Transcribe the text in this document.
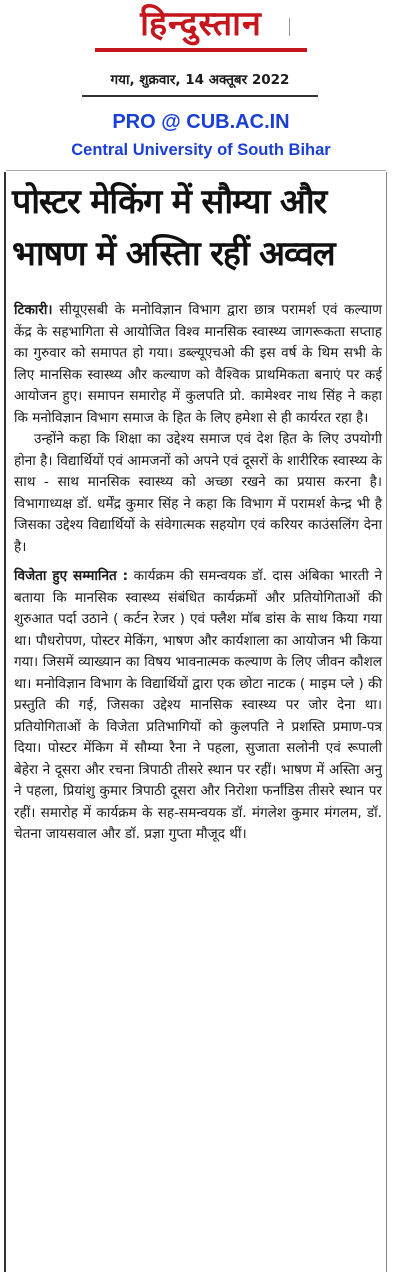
हिन्दुस्तान
गया, शुक्रवार, 14 अक्तूबर 2022
PRO @ CUB.AC.IN
Central University of South Bihar
पोस्टर मेकिंग में सौम्या और
भाषण में अस्तिा रहीं अव्वल

टिकारी। सीयूएसबी के मनोविज्ञान विभाग द्वारा छात्र परामर्श एवं कल्याण केंद्र के सहभागिता से आयोजित विश्व मानसिक स्वास्थ्य जागरूकता सप्ताह का गुरुवार को समापत हो गया। डब्ल्यूएचओ की इस वर्ष के थिम सभी के लिए मानसिक स्वास्थ्य और कल्याण को वैश्विक प्राथमिकता बनाएं पर कई आयोजन हुए। समापन समारोह में कुलपति प्रो. कामेश्वर नाथ सिंह ने कहा कि मनोविज्ञान विभाग समाज के हित के लिए हमेशा से ही कार्यरत रहा है।

उन्होंने कहा कि शिक्षा का उद्देश्य समाज एवं देश हित के लिए उपयोगी होना है। विद्यार्थियों एवं आमजनों को अपने एवं दूसरों के शारीरिक स्वास्थ्य के साथ - साथ मानसिक स्वास्थ्य को अच्छा रखने का प्रयास करना है। विभागाध्यक्ष डॉ. धर्मेंद्र कुमार सिंह ने कहा कि विभाग में परामर्श केन्द्र भी है जिसका उद्देश्य विद्यार्थियों के संवेगात्मक सहयोग एवं करियर काउंसलिंग देना है।

विजेता हुए सम्मानित : कार्यक्रम की समन्वयक डॉ. दास अंबिका भारती ने बताया कि मानसिक स्वास्थ्य संबंधित कार्यक्रमों और प्रतियोगिताओं की शुरुआत पर्दा उठाने ( कर्टन रेजर ) एवं फ्लैश मॉब डांस के साथ किया गया था। पौधरोपण, पोस्टर मेकिंग, भाषण और कार्यशाला का आयोजन भी किया गया। जिसमें व्याख्यान का विषय भावनात्मक कल्याण के लिए जीवन कौशल था। मनोविज्ञान विभाग के विद्यार्थियों द्वारा एक छोटा नाटक ( माइम प्ले ) की प्रस्तुति की गई, जिसका उद्देश्य मानसिक स्वास्थ्य पर जोर देना था। प्रतियोगिताओं के विजेता प्रतिभागियों को कुलपति ने प्रशस्ति प्रमाण-पत्र दिया। पोस्टर मेंकिग में सौम्या रैना ने पहला, सुजाता सलोनी एवं रूपाली बेहेरा ने दूसरा और रचना त्रिपाठी तीसरे स्थान पर रहीं। भाषण में अस्तिा अनु ने पहला, प्रियांशु कुमार त्रिपाठी दूसरा और निरोशा फर्नांडिस तीसरे स्थान पर रहीं। समारोह में कार्यक्रम के सह-समन्वयक डॉ. मंगलेश कुमार मंगलम, डॉ. चेतना जायसवाल और डॉ. प्रज्ञा गुप्ता मौजूद थीं।
